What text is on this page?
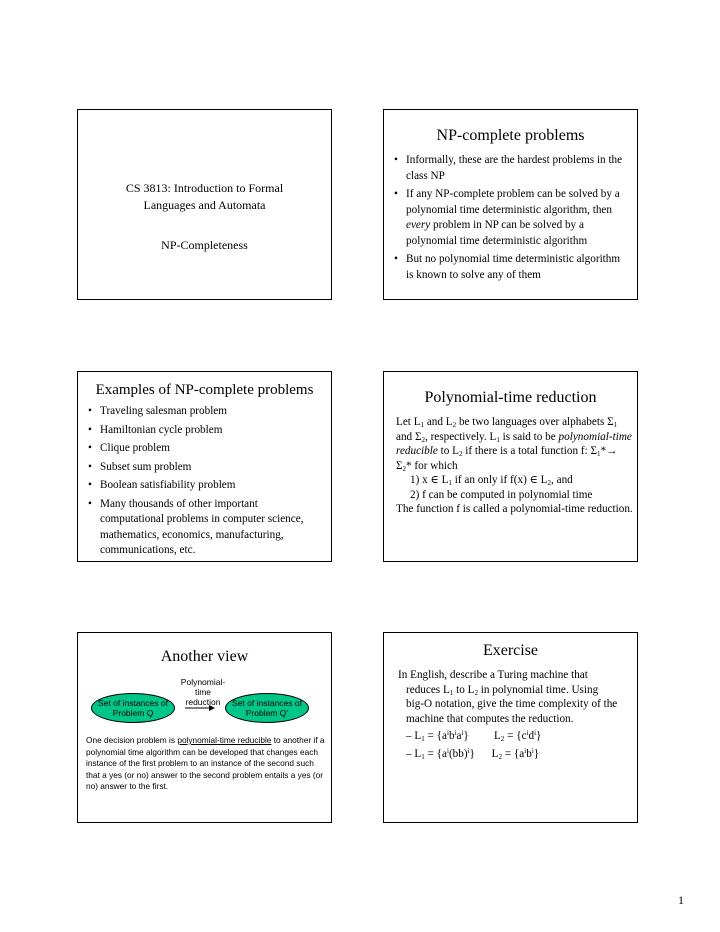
CS 3813: Introduction to Formal
Languages and Automata
NP-Completeness
NP-complete problems
• Informally, these are the hardest problems in the class NP
• If any NP-complete problem can be solved by a polynomial time deterministic algorithm, then every problem in NP can be solved by a polynomial time deterministic algorithm
• But no polynomial time deterministic algorithm is known to solve any of them
Examples of NP-complete problems
• Traveling salesman problem
• Hamiltonian cycle problem
• Clique problem
• Subset sum problem
• Boolean satisfiability problem
• Many thousands of other important computational problems in computer science, mathematics, economics, manufacturing, communications, etc.
Polynomial-time reduction

Let $L_1$ and $L_2$ be two languages over alphabets $\Sigma_1$ and $\Sigma_2$, respectively. $L_1$ is said to be polynomial-time reducible to $L_2$ if there is a total function f: $\Sigma_1*\to \Sigma_2*$ for which

1) x ∈ $L_1$ if an only if f(x) ∈ $L_2$, and

2) f can be computed in polynomial time

The function f is called a polynomial-time reduction.

Another view
Polynomial-time
reduction
Set of instances of
Problem Q
Set of instances of
Problem Q’

One decision problem is polynomial-time reducible to another if a polynomial time algorithm can be developed that changes each instance of the first problem to an instance of the second such that a yes (or no) answer to the second problem entails a yes (or no) answer to the first.

Exercise

In English, describe a Turing machine that

reduces $L_1$ to $L_2$ in polynomial time. Using

big-O notation, give the time complexity of the machine that computes the reduction.

– $L_1 = \{a^ib^ia^i\}$         $L_2 = \{c^id^i\}$

– $L_1 = \{a^i(bb)^i\}$      $L_2 = \{a^ib^i\}$

1
